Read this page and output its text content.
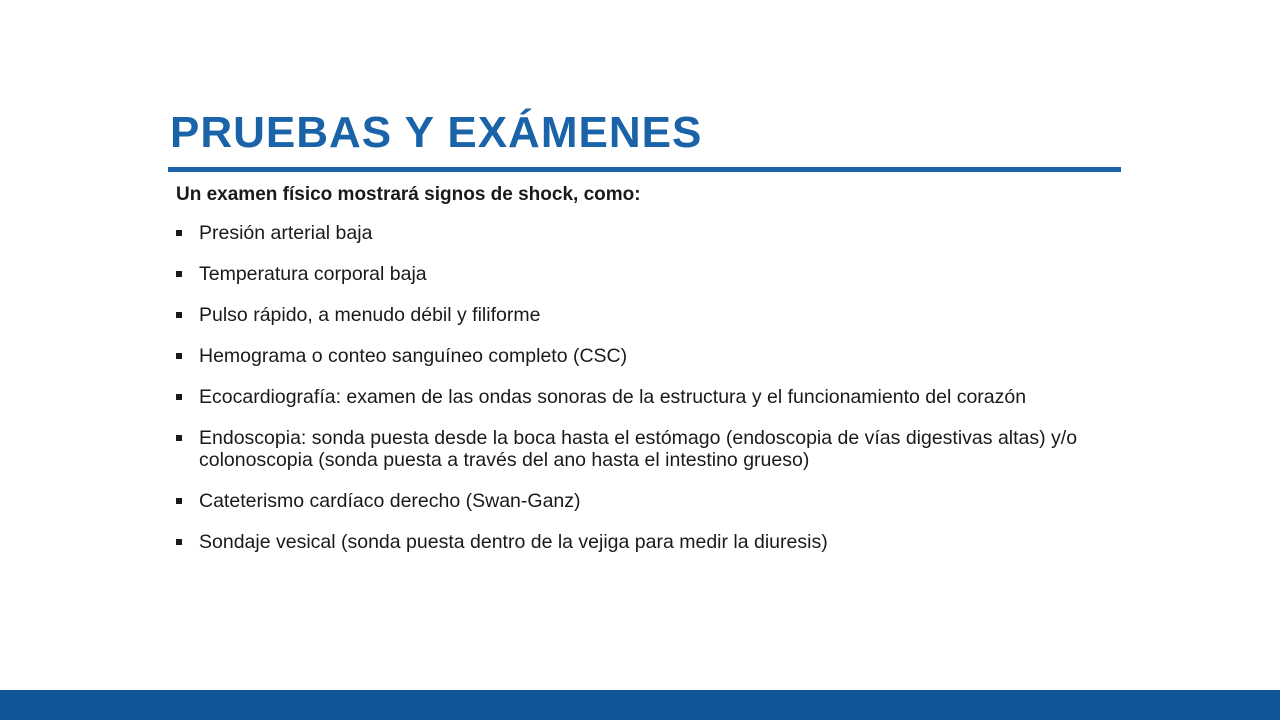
PRUEBAS Y EXÁMENES

Un examen físico mostrará signos de shock, como:

Presión arterial baja
Temperatura corporal baja
Pulso rápido, a menudo débil y filiforme
Hemograma o conteo sanguíneo completo (CSC)
Ecocardiografía: examen de las ondas sonoras de la estructura y el funcionamiento del corazón
Endoscopia: sonda puesta desde la boca hasta el estómago (endoscopia de vías digestivas altas) y/o colonoscopia (sonda puesta a través del ano hasta el intestino grueso)
Cateterismo cardíaco derecho (Swan-Ganz)
Sondaje vesical (sonda puesta dentro de la vejiga para medir la diuresis)
